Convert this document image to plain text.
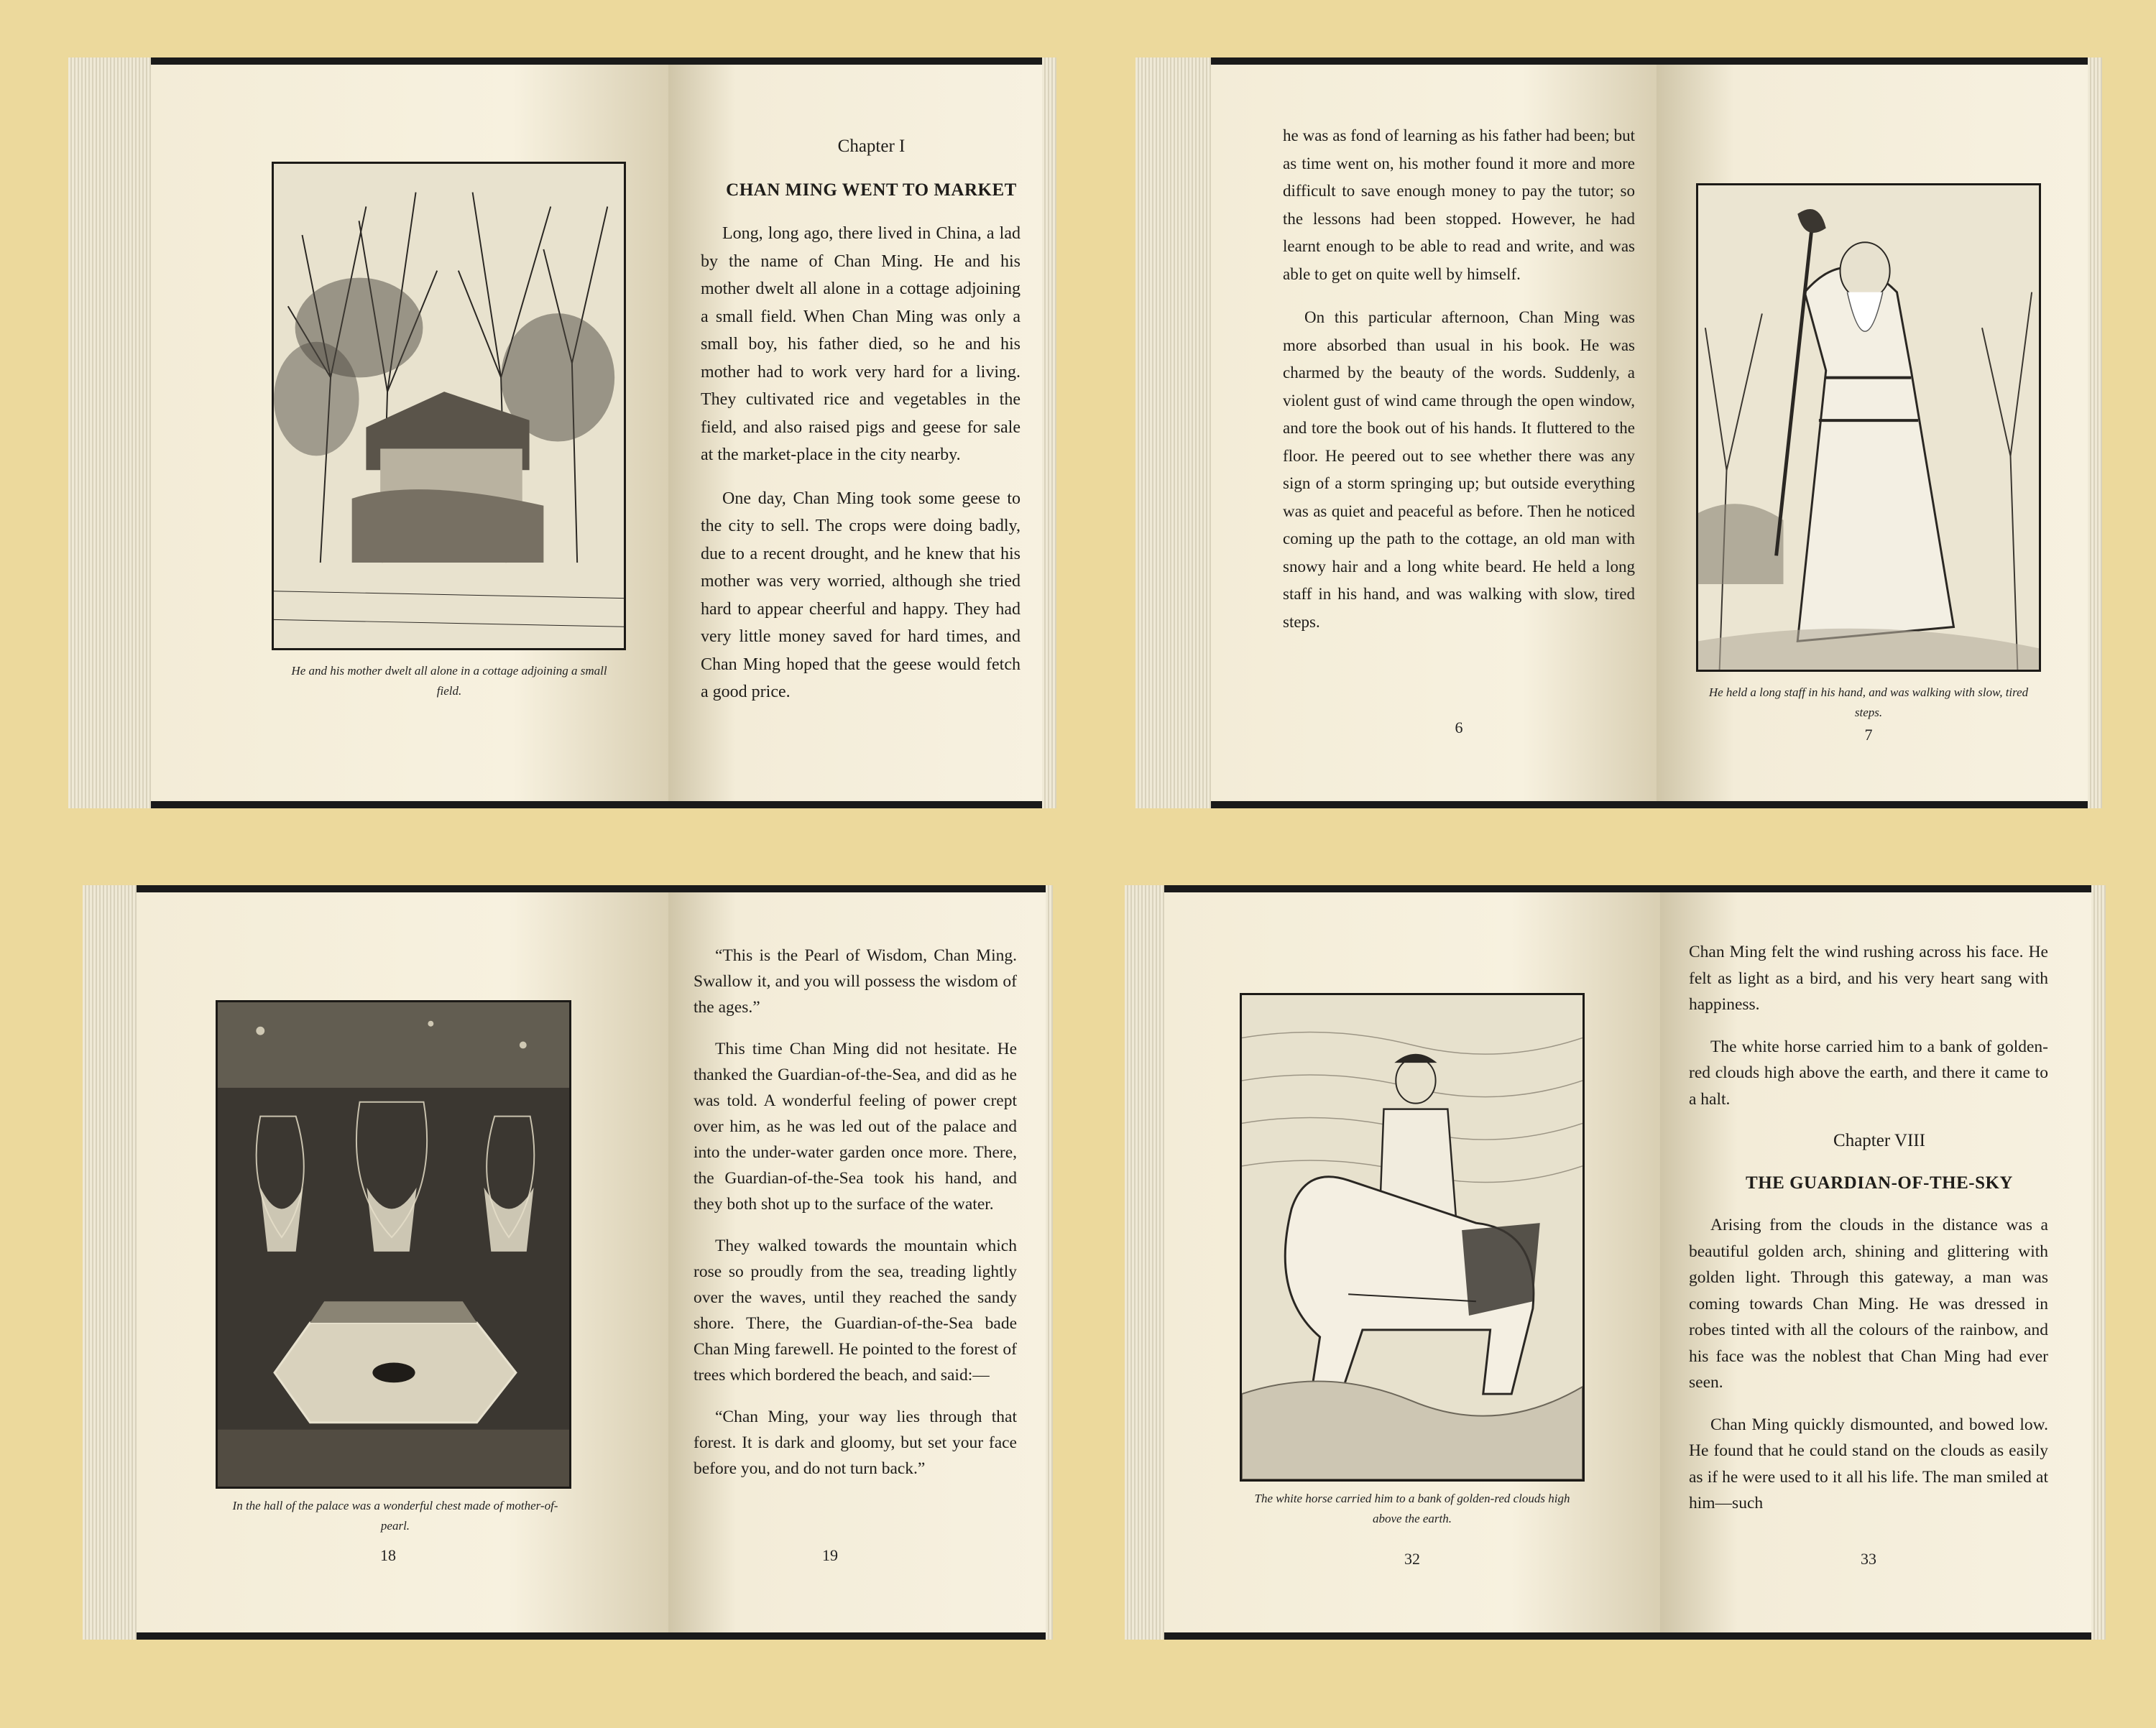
He and his mother dwelt all alone in a cottage adjoining a small field.

Chapter I

CHAN MING WENT TO MARKET

Long, long ago, there lived in China, a lad by the name of Chan Ming. He and his mother dwelt all alone in a cottage adjoining a small field. When Chan Ming was only a small boy, his father died, so he and his mother had to work very hard for a living. They cultivated rice and vegetables in the field, and also raised pigs and geese for sale at the market-place in the city nearby.

One day, Chan Ming took some geese to the city to sell. The crops were doing badly, due to a recent drought, and he knew that his mother was very worried, although she tried hard to appear cheerful and happy. They had very little money saved for hard times, and Chan Ming hoped that the geese would fetch a good price.

he was as fond of learning as his father had been; but as time went on, his mother found it more and more difficult to save enough money to pay the tutor; so the lessons had been stopped. However, he had learnt enough to be able to read and write, and was able to get on quite well by himself.

On this particular afternoon, Chan Ming was more absorbed than usual in his book. He was charmed by the beauty of the words. Suddenly, a violent gust of wind came through the open window, and tore the book out of his hands. It fluttered to the floor. He peered out to see whether there was any sign of a storm springing up; but outside everything was as quiet and peaceful as before. Then he noticed coming up the path to the cottage, an old man with snowy hair and a long white beard. He held a long staff in his hand, and was walking with slow, tired steps.

6
He held a long staff in his hand, and was walking with slow, tired steps.
7
In the hall of the palace was a wonderful chest made of mother-of-pearl.
18

“This is the Pearl of Wisdom, Chan Ming. Swallow it, and you will possess the wisdom of the ages.”

This time Chan Ming did not hesitate. He thanked the Guardian-of-the-Sea, and did as he was told. A wonderful feeling of power crept over him, as he was led out of the palace and into the under-water garden once more. There, the Guardian-of-the-Sea took his hand, and they both shot up to the surface of the water.

They walked towards the mountain which rose so proudly from the sea, treading lightly over the waves, until they reached the sandy shore. There, the Guardian-of-the-Sea bade Chan Ming farewell. He pointed to the forest of trees which bordered the beach, and said:—

“Chan Ming, your way lies through that forest. It is dark and gloomy, but set your face before you, and do not turn back.”

19
The white horse carried him to a bank of golden-red clouds high above the earth.
32

Chan Ming felt the wind rushing across his face. He felt as light as a bird, and his very heart sang with happiness.

The white horse carried him to a bank of golden-red clouds high above the earth, and there it came to a halt.

Chapter VIII

THE GUARDIAN-OF-THE-SKY

Arising from the clouds in the distance was a beautiful golden arch, shining and glittering with golden light. Through this gateway, a man was coming towards Chan Ming. He was dressed in robes tinted with all the colours of the rainbow, and his face was the noblest that Chan Ming had ever seen.

Chan Ming quickly dismounted, and bowed low. He found that he could stand on the clouds as easily as if he were used to it all his life. The man smiled at him—such

33
